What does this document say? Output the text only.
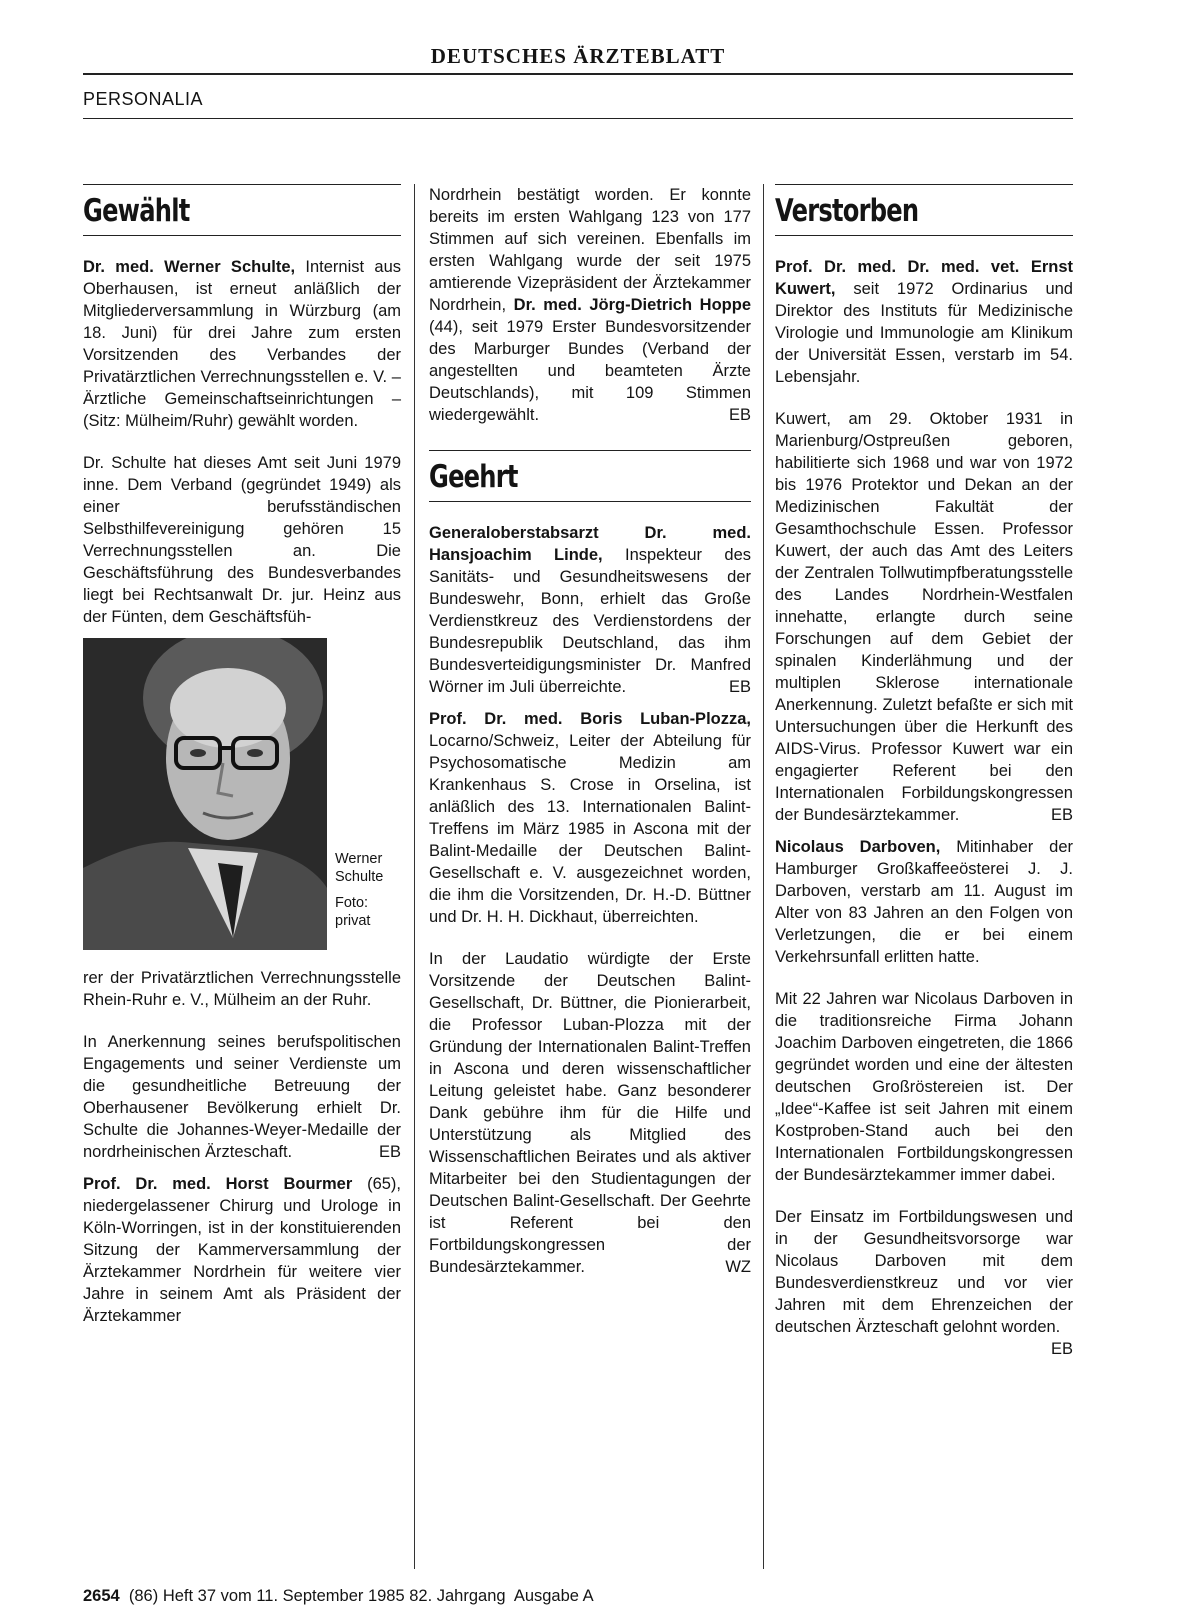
DEUTSCHES ÄRZTEBLATT
PERSONALIA
Gewählt

Dr. med. Werner Schulte, Internist aus Oberhausen, ist erneut anläßlich der Mitgliederversammlung in Würzburg (am 18. Juni) für drei Jahre zum ersten Vorsitzenden des Verbandes der Privatärztlichen Verrechnungsstellen e. V. – Ärztliche Gemeinschaftseinrichtungen – (Sitz: Mülheim/Ruhr) gewählt worden.

Dr. Schulte hat dieses Amt seit Juni 1979 inne. Dem Verband (gegründet 1949) als einer berufsständischen Selbsthilfevereinigung gehören 15 Verrechnungsstellen an. Die Geschäftsführung des Bundesverbandes liegt bei Rechtsanwalt Dr. jur. Heinz aus der Fünten, dem Geschäftsfüh-

Werner Schulte
Foto: privat

rer der Privatärztlichen Verrechnungsstelle Rhein-Ruhr e. V., Mülheim an der Ruhr.

In Anerkennung seines berufspolitischen Engagements und seiner Verdienste um die gesundheitliche Betreuung der Oberhausener Bevölkerung erhielt Dr. Schulte die Johannes-Weyer-Medaille der nordrheinischen Ärzteschaft.	EB

Prof. Dr. med. Horst Bourmer (65), niedergelassener Chirurg und Urologe in Köln-Worringen, ist in der konstituierenden Sitzung der Kammerversammlung der Ärztekammer Nordrhein für weitere vier Jahre in seinem Amt als Präsident der Ärztekammer

Nordrhein bestätigt worden. Er konnte bereits im ersten Wahlgang 123 von 177 Stimmen auf sich vereinen. Ebenfalls im ersten Wahlgang wurde der seit 1975 amtierende Vizepräsident der Ärztekammer Nordrhein, Dr. med. Jörg-Dietrich Hoppe (44), seit 1979 Erster Bundesvorsitzender des Marburger Bundes (Verband der angestellten und beamteten Ärzte Deutschlands), mit 109 Stimmen wiedergewählt.	EB

Geehrt

Generaloberstabsarzt Dr. med. Hansjoachim Linde, Inspekteur des Sanitäts- und Gesundheitswesens der Bundeswehr, Bonn, erhielt das Große Verdienstkreuz des Verdienstordens der Bundesrepublik Deutschland, das ihm Bundesverteidigungsminister Dr. Manfred Wörner im Juli überreichte.	EB

Prof. Dr. med. Boris Luban-Plozza, Locarno/Schweiz, Leiter der Abteilung für Psychosomatische Medizin am Krankenhaus S. Crose in Orselina, ist anläßlich des 13. Internationalen Balint-Treffens im März 1985 in Ascona mit der Balint-Medaille der Deutschen Balint-Gesellschaft e. V. ausgezeichnet worden, die ihm die Vorsitzenden, Dr. H.-D. Büttner und Dr. H. H. Dickhaut, überreichten.

In der Laudatio würdigte der Erste Vorsitzende der Deutschen Balint-Gesellschaft, Dr. Büttner, die Pionierarbeit, die Professor Luban-Plozza mit der Gründung der Internationalen Balint-Treffen in Ascona und deren wissenschaftlicher Leitung geleistet habe. Ganz besonderer Dank gebühre ihm für die Hilfe und Unterstützung als Mitglied des Wissenschaftlichen Beirates und als aktiver Mitarbeiter bei den Studientagungen der Deutschen Balint-Gesellschaft. Der Geehrte ist Referent bei den Fortbildungskongressen der Bundesärztekammer.	WZ

Verstorben

Prof. Dr. med. Dr. med. vet. Ernst Kuwert, seit 1972 Ordinarius und Direktor des Instituts für Medizinische Virologie und Immunologie am Klinikum der Universität Essen, verstarb im 54. Lebensjahr.

Kuwert, am 29. Oktober 1931 in Marienburg/Ostpreußen geboren, habilitierte sich 1968 und war von 1972 bis 1976 Protektor und Dekan an der Medizinischen Fakultät der Gesamthochschule Essen. Professor Kuwert, der auch das Amt des Leiters der Zentralen Tollwutimpfberatungsstelle des Landes Nordrhein-Westfalen innehatte, erlangte durch seine Forschungen auf dem Gebiet der spinalen Kinderlähmung und der multiplen Sklerose internationale Anerkennung. Zuletzt befaßte er sich mit Untersuchungen über die Herkunft des AIDS-Virus. Professor Kuwert war ein engagierter Referent bei den Internationalen Forbildungskongressen der Bundesärztekammer.	EB

Nicolaus Darboven, Mitinhaber der Hamburger Großkaffeeösterei J. J. Darboven, verstarb am 11. August im Alter von 83 Jahren an den Folgen von Verletzungen, die er bei einem Verkehrsunfall erlitten hatte.

Mit 22 Jahren war Nicolaus Darboven in die traditionsreiche Firma Johann Joachim Darboven eingetreten, die 1866 gegründet worden und eine der ältesten deutschen Großröstereien ist. Der „Idee“-Kaffee ist seit Jahren mit einem Kostproben-Stand auch bei den Internationalen Fortbildungskongressen der Bundesärztekammer immer dabei.

Der Einsatz im Fortbildungswesen und in der Gesundheitsvorsorge war Nicolaus Darboven mit dem Bundesverdienstkreuz und vor vier Jahren mit dem Ehrenzeichen der deutschen Ärzteschaft gelohnt worden.
EB

2654  (86) Heft 37 vom 11. September 1985 82. Jahrgang  Ausgabe A
